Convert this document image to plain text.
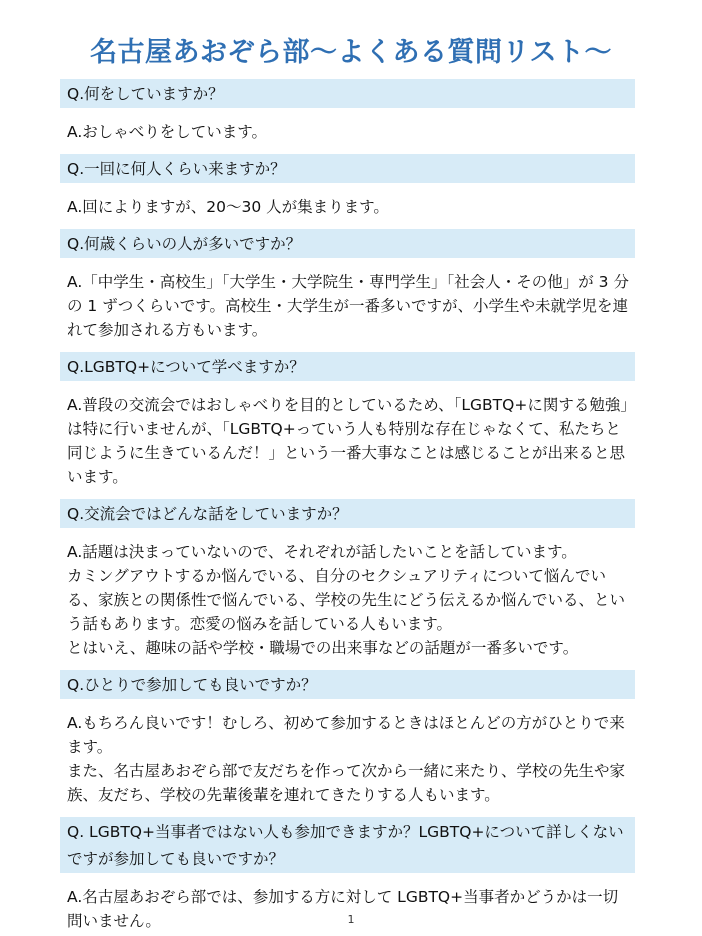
名古屋あおぞら部～よくある質問リスト～
Q.何をしていますか？
A.おしゃべりをしています。
Q.一回に何人くらい来ますか？
A.回によりますが、20～30 人が集まります。
Q.何歳くらいの人が多いですか？
A.「中学生・高校生」「大学生・大学院生・専門学生」「社会人・その他」が 3 分の 1 ずつくらいです。高校生・大学生が一番多いですが、小学生や未就学児を連れて参加される方もいます。
Q.LGBTQ+について学べますか？
A.普段の交流会ではおしゃべりを目的としているため、「LGBTQ+に関する勉強」は特に行いませんが、「LGBTQ+っていう人も特別な存在じゃなくて、私たちと同じように生きているんだ！」という一番大事なことは感じることが出来ると思います。
Q.交流会ではどんな話をしていますか？
A.話題は決まっていないので、それぞれが話したいことを話しています。
カミングアウトするか悩んでいる、自分のセクシュアリティについて悩んでいる、家族との関係性で悩んでいる、学校の先生にどう伝えるか悩んでいる、という話もあります。恋愛の悩みを話している人もいます。
とはいえ、趣味の話や学校・職場での出来事などの話題が一番多いです。
Q.ひとりで参加しても良いですか？
A.もちろん良いです！むしろ、初めて参加するときはほとんどの方がひとりで来ます。
また、名古屋あおぞら部で友だちを作って次から一緒に来たり、学校の先生や家族、友だち、学校の先輩後輩を連れてきたりする人もいます。
Q. LGBTQ+当事者ではない人も参加できますか？LGBTQ+について詳しくないですが参加しても良いですか？
A.名古屋あおぞら部では、参加する方に対して LGBTQ+当事者かどうかは一切問いません。	1
